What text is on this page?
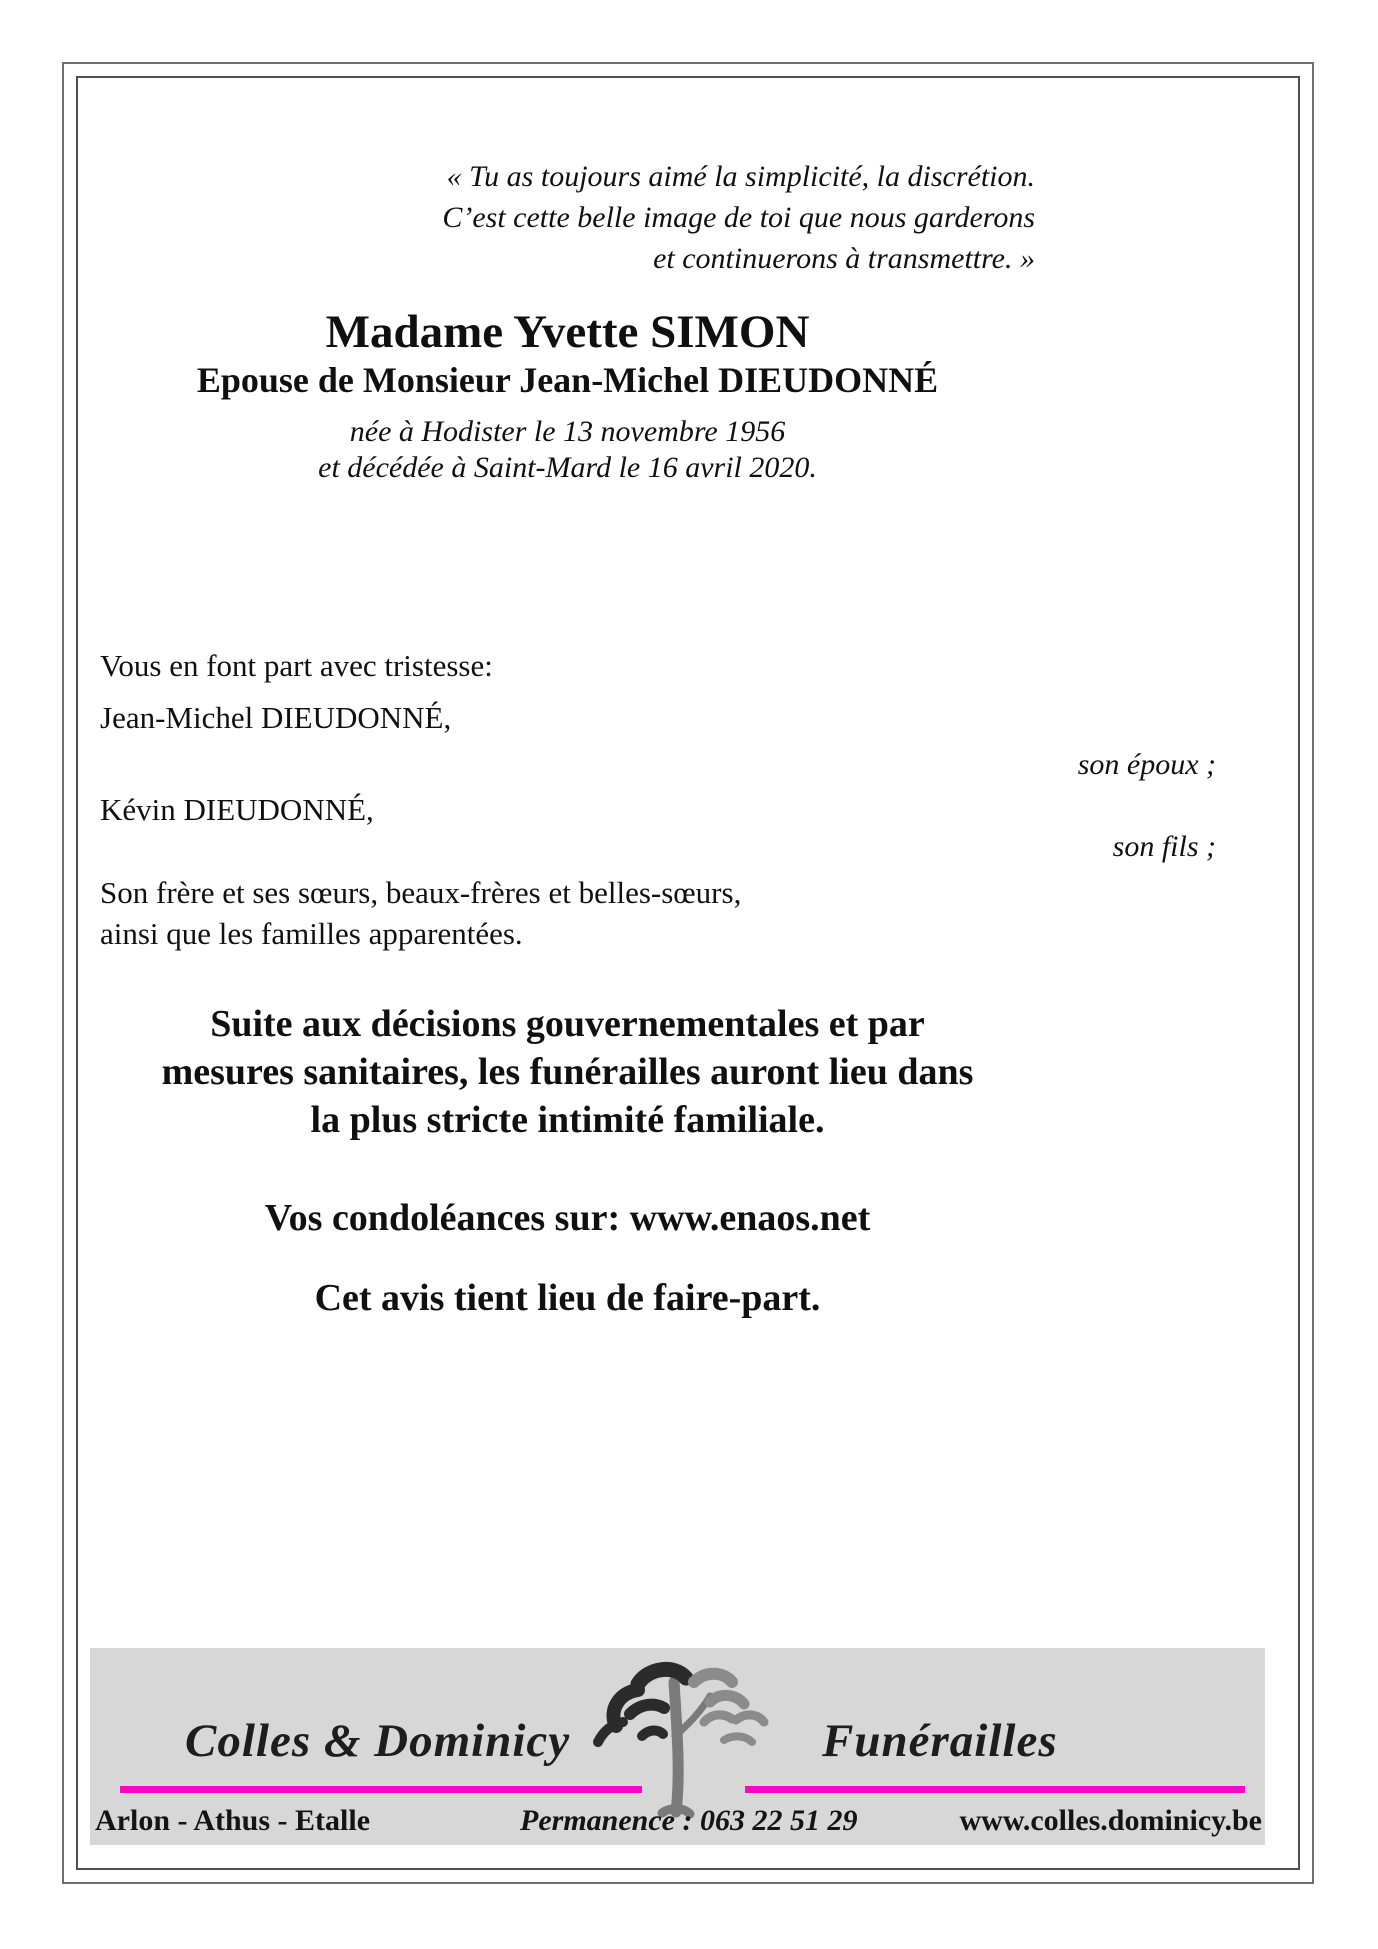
« Tu as toujours aimé la simplicité, la discrétion.
C’est cette belle image de toi que nous garderons
et continuerons à transmettre. »
Madame Yvette SIMON
Epouse de Monsieur Jean-Michel DIEUDONNÉ
née à Hodister le 13 novembre 1956
et décédée à Saint-Mard le 16 avril 2020.
Vous en font part avec tristesse:
Jean-Michel DIEUDONNÉ,
son époux ;
Kévin DIEUDONNÉ,
son fils ;
Son frère et ses sœurs, beaux-frères et belles-sœurs,
ainsi que les familles apparentées.
Suite aux décisions gouvernementales et par
mesures sanitaires, les funérailles auront lieu dans
la plus stricte intimité familiale.
Vos condoléances sur: www.enaos.net
Cet avis tient lieu de faire-part.
Colles & Dominicy	Funérailles
Arlon - Athus - Etalle	Permanence : 063 22 51 29	www.colles.dominicy.be
